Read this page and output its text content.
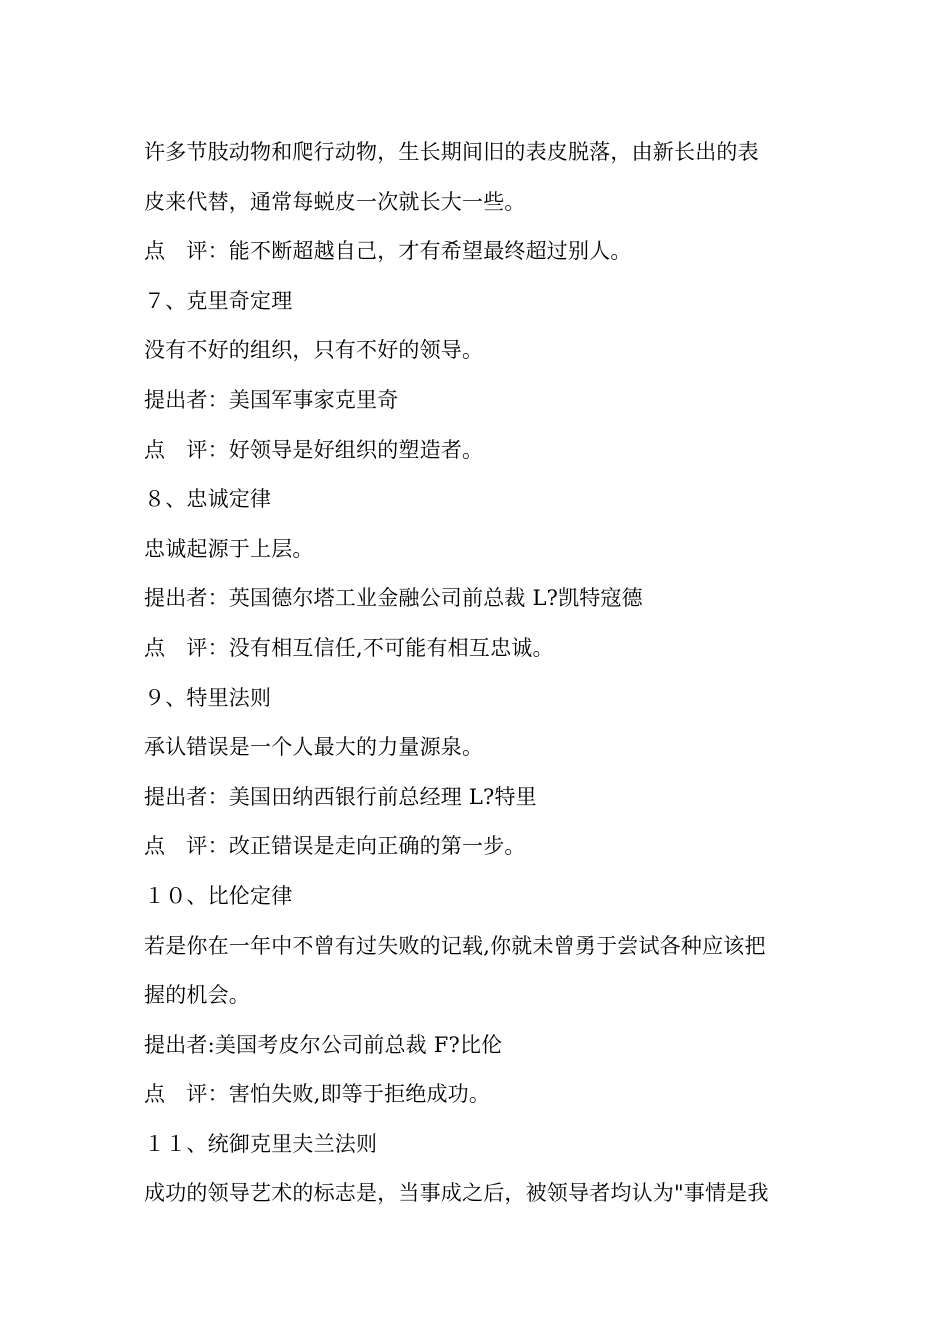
许多节肢动物和爬行动物，生长期间旧的表皮脱落，由新长出的表
皮来代替，通常每蜕皮一次就长大一些。
点　评：能不断超越自己，才有希望最终超过别人。
７、克里奇定理
没有不好的组织，只有不好的领导。
提出者：美国军事家克里奇
点　评：好领导是好组织的塑造者。
８、忠诚定律
忠诚起源于上层。
提出者：英国德尔塔工业金融公司前总裁 L?凯特寇德
点　评：没有相互信任,不可能有相互忠诚。
９、特里法则
承认错误是一个人最大的力量源泉。
提出者：美国田纳西银行前总经理 L?特里
点　评：改正错误是走向正确的第一步。
１０、比伦定律
若是你在一年中不曾有过失败的记载,你就未曾勇于尝试各种应该把
握的机会。
提出者:美国考皮尔公司前总裁 F?比伦
点　评：害怕失败,即等于拒绝成功。
１１、统御克里夫兰法则
成功的领导艺术的标志是，当事成之后，被领导者均认为"事情是我
